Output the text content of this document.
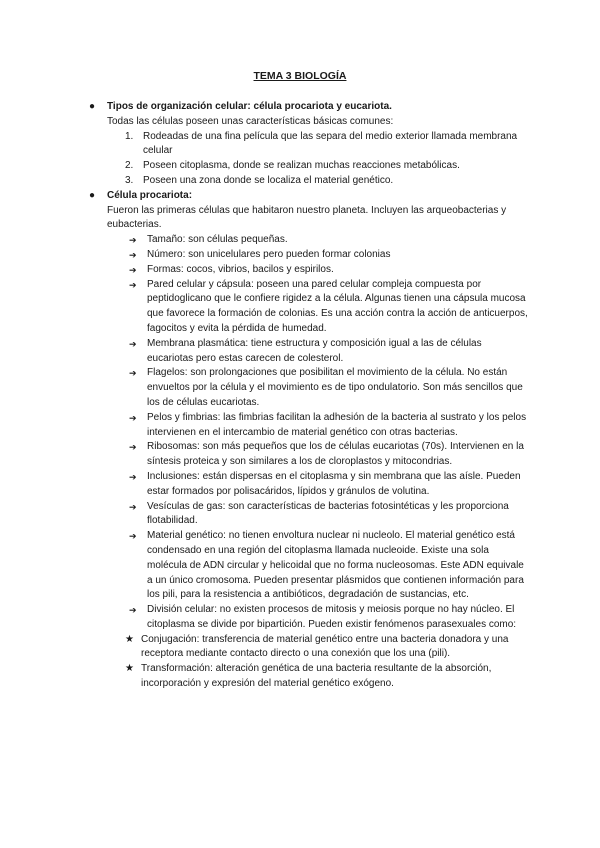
TEMA 3 BIOLOGÍA
● Tipos de organización celular: célula procariota y eucariota.
Todas las células poseen unas características básicas comunes:
1. Rodeadas de una fina película que las separa del medio exterior llamada membrana celular
2. Poseen citoplasma, donde se realizan muchas reacciones metabólicas.
3. Poseen una zona donde se localiza el material genético.
● Célula procariota:
Fueron las primeras células que habitaron nuestro planeta. Incluyen las arqueobacterias y eubacterias.
➔ Tamaño: son células pequeñas.
➔ Número: son unicelulares pero pueden formar colonias
➔ Formas: cocos, vibrios, bacilos y espirilos.
➔ Pared celular y cápsula: poseen una pared celular compleja compuesta por peptidoglicano que le confiere rigidez a la célula. Algunas tienen una cápsula mucosa que favorece la formación de colonias. Es una acción contra la acción de anticuerpos, fagocitos y evita la pérdida de humedad.
➔ Membrana plasmática: tiene estructura y composición igual a las de células eucariotas pero estas carecen de colesterol.
➔ Flagelos: son prolongaciones que posibilitan el movimiento de la célula. No están envueltos por la célula y el movimiento es de tipo ondulatorio. Son más sencillos que los de células eucariotas.
➔ Pelos y fimbrias: las fimbrias facilitan la adhesión de la bacteria al sustrato y los pelos intervienen en el intercambio de material genético con otras bacterias.
➔ Ribosomas: son más pequeños que los de células eucariotas (70s). Intervienen en la síntesis proteica y son similares a los de cloroplastos y mitocondrias.
➔ Inclusiones: están dispersas en el citoplasma y sin membrana que las aísle. Pueden estar formados por polisacáridos, lípidos y gránulos de volutina.
➔ Vesículas de gas: son características de bacterias fotosintéticas y les proporciona flotabilidad.
➔ Material genético: no tienen envoltura nuclear ni nucleolo. El material genético está condensado en una región del citoplasma llamada nucleoide. Existe una sola molécula de ADN circular y helicoidal que no forma nucleosomas. Este ADN equivale a un único cromosoma. Pueden presentar plásmidos que contienen información para los pili, para la resistencia a antibióticos, degradación de sustancias, etc.
➔ División celular: no existen procesos de mitosis y meiosis porque no hay núcleo. El citoplasma se divide por bipartición. Pueden existir fenómenos parasexuales como:
★ Conjugación: transferencia de material genético entre una bacteria donadora y una receptora mediante contacto directo o una conexión que los una (pili).
★ Transformación: alteración genética de una bacteria resultante de la absorción, incorporación y expresión del material genético exógeno.
